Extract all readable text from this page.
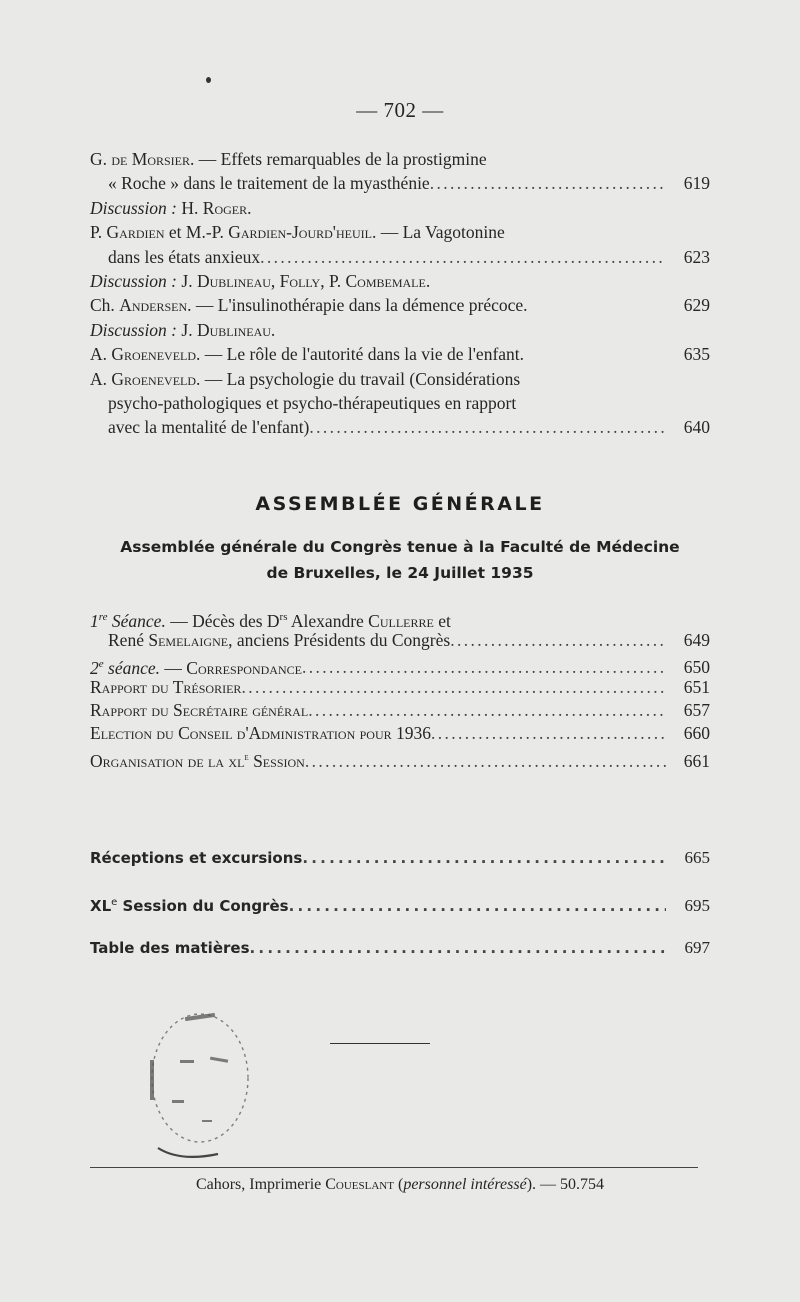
— 702 —
G. de Morsier. — Effets remarquables de la prostigmine
« Roche » dans le traitement de la myasthénie . . .	619
Discussion : H. Roger.
P. Gardien et M.-P. Gardien-Jourd'heuil. — La Vagotonine
dans les états anxieux . . .	623
Discussion : J. Dublineau, Folly, P. Combemale.
Ch. Andersen. — L'insulinothérapie dans la démence précoce.	629
Discussion : J. Dublineau.
A. Groeneveld. — Le rôle de l'autorité dans la vie de l'enfant.	635
A. Groeneveld. — La psychologie du travail (Considérations
psycho-pathologiques et psycho-thérapeutiques en rapport
avec la mentalité de l'enfant) . . .	640
ASSEMBLÉE GÉNÉRALE
Assemblée générale du Congrès tenue à la Faculté de Médecine
de Bruxelles, le 24 Juillet 1935
1re Séance. — Décès des $D^{rs}$ Alexandre Cullerre et
René Semelaigne, anciens Présidents du Congrès . . .	649
2e séance. — Correspondance . . .	650
Rapport du Trésorier . . .	651
Rapport du Secrétaire général . . .	657
Election du Conseil d'Administration pour 1936 . . .	660
Organisation de la $xl^e$ Session . . .	661
Réceptions et excursions . . .	665
XLe Session du Congrès . . .	695
Table des matières . . .	697
Cahors, Imprimerie Coueslant (personnel intéressé). — 50.754
